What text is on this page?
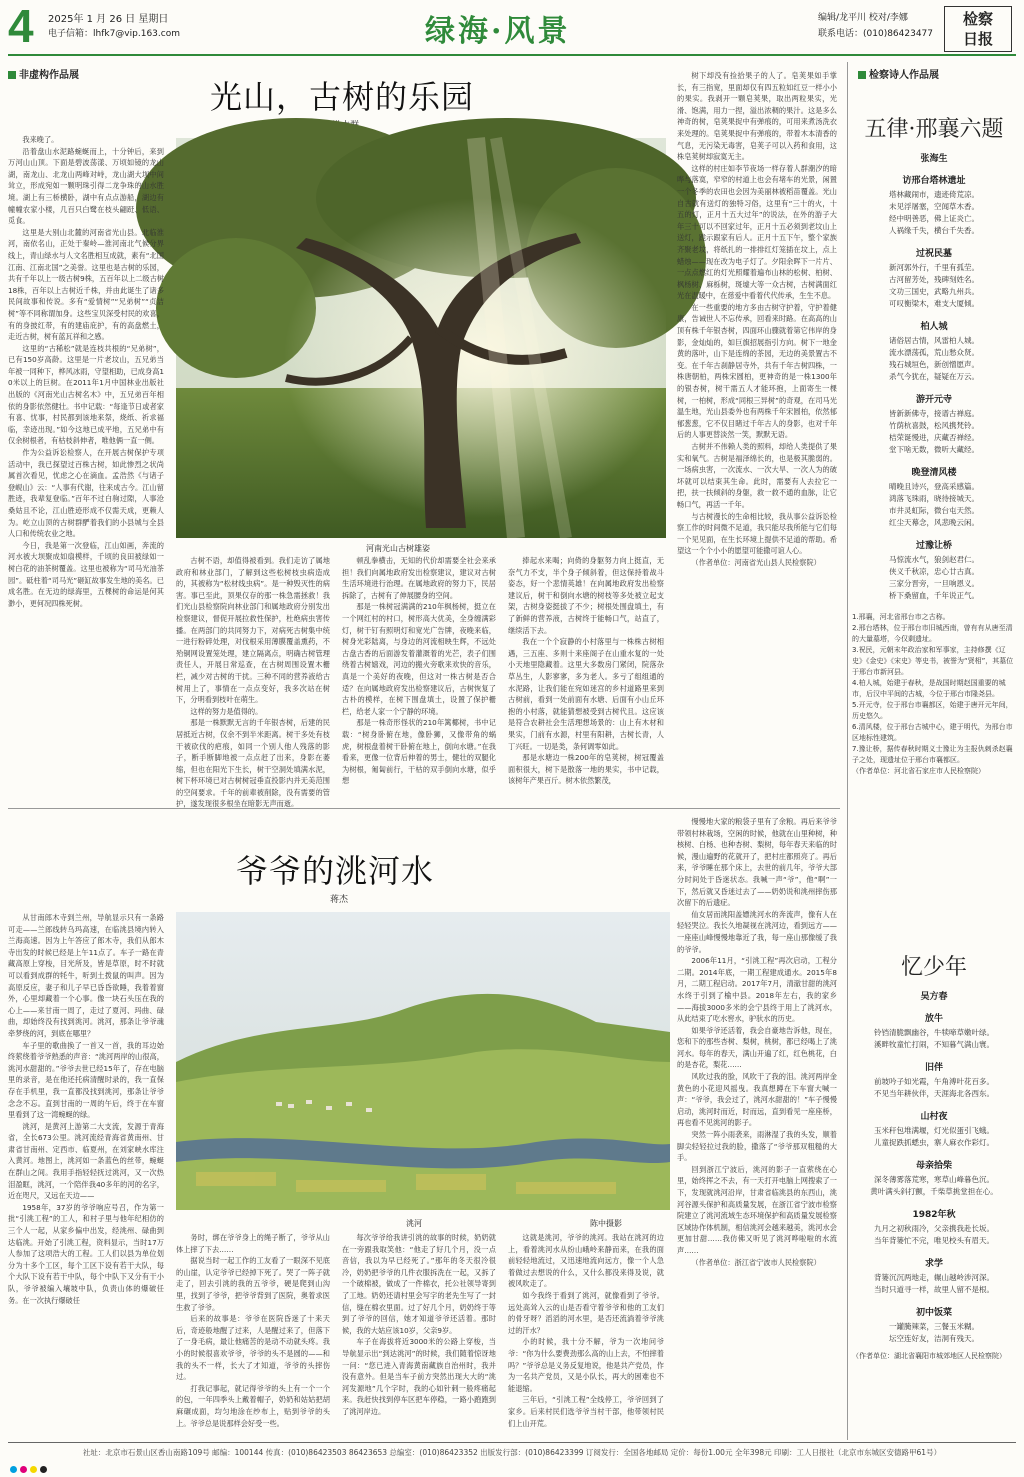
4 2025年 1 月 26 日 星期日
电子信箱：lhfk7@vip.163.com	绿海·风景	编辑/龙平川 校对/李娜
联系电话：(010)86423477
检察
日报
非虚构作品展	检察诗人作品展
光山，古树的乐园
河南光山古树雄姿

我来晚了。

沿着盘山水泥路蜿蜒而上，十分钟后，来到万河山山顶。下面是碧波荡漾、万顷如镜的龙山湖，南龙山、北龙山两峰对峙，龙山湖大坝中间耸立，形成宛如一颗明珠引得二龙争珠的山水胜境。湖上有三桥横卧，湖中有点点游船，湖边有幢幢农家小楼，几百只白鹭在枝头翩跹、低语、觅食。

这里是大别山北麓的河南省光山县。北临淮河，南依名山，正处于秦岭—淮河南北气候分界线上，青山绿水与人文名胜相互成就，素有“北国江南、江南北国”之美誉。这里也是古树的乐园，共有千年以上一级古树9株，五百年以上二级古树18株，百年以上古树近千株，并由此诞生了诸多民间故事和传说。多有“爱情树”“兄弟树”“贞洁树”等不同称谓加身。这些宝贝深受村民的欢喜，有的身披红带，有的建庙庇护，有的高盘燃土，走近古树，树有蓝瓦祥和之感。

这里的“古稀松”就是连枝共根的“兄弟树”，已有150岁高龄。这里是一片老坟山，五兄弟当年被一同种下，桦风冰雨，守望相助，已成身高10米以上的巨树。在2011年1月中国林业出版社出版的《河南光山古树名木》中，五兄弟百年相依的身影依然健壮。书中记载：“每逢节日或者家有喜、忧事，村民都到该地来祭，烧纸、祈求福临，幸迹出现。”如今这地已成平地，五兄弟中有仅余树根者，有枯枝斜伸者，唯他俩一直一侧。

作为公益诉讼检察人，在开展古树保护专项活动中，我已探望过百株古树，如此惨烈之状尚属首次看见，忧虑之心在滴血。孟浩然《与诸子登岘山》云：“人事有代谢，往来成古今。江山留胜迹，我辈复登临。”百年不过白驹过隙，人事沧桑姑且不论，江山胜迹形成不仅需天成，更赖人为。屹立山顶的古树群酽着我们的小县城与全县人口和传统农业之地。

今日，我是第一次登临，江山如画，奔流的河水被大坝聚成如扇模样，千顷的良田被绿如一树白花的油茶树覆盖。这里也被称为“司马光油茶园”。砥柱着“司马光”砸缸故事发生地的美名。已成名胜。在无边的绿海里，五棵树的命运是何其渺小，更何况四株死树。

古树不语，却值得被看到。我们走访了属地政府和林业部门，了解到这些松树枝虫病造成的，其被称为“松材线虫病”。是一种毁灭性的病害。事已至此，顶果仅存的那一株急需拯救！我们光山县检察院向林业部门和属地政府分别发出检察建议，督促开展拉救性保护，杜绝病虫害传播。在两部门的共同努力下，对病死古树集中统一进行粉碎处理，对伐根采用薄膜覆盖熏药，不殆铜网设置笼处理，建立隔离点，明确古树管理责任人，开展日常巡查，在古树周围设置木栅栏，减少对古树的干扰。三种不同的营养液给古树用上了，事情在一点点变好，我多次站在树下，分明看到枝叶在萌生。

这样的努力是值得的。

那是一株默默无言的千年银杏树，后建的民居抵近古树，仅余不到半米距离。树干多处有枝干被砍伐的疤痕，如同一个别人他人残落的影子，断手断脚地被一点点赶了出来，身影在萎缩，但也在阳光下生长，树干空洞处填满水泥，树下杯环境已对古树树冠垂直投影内并无美范围的空间要求。千年的前辈被削除，没有需要的管护，遂发现很多根坐在暗影无声而逝。

顿乱拳横击，无知的代价却需要全社会来承担！我们向属地政府发出检察建议，建议对古树生活环境进行治理。在属地政府的努力下，民居拆除了，古树有了伸展腰身的空间。

那是一株树冠满满的210年枫杨树，挺立在一个网红村的村口，树形高大优美，全身缠满彩灯，树干钉有照明灯和宽光广告牌，夜晚来临，树身光彩陆离，与身边的河流相映生辉，不远处古盘古香的后面游发着灌溉着的光芒，表子们围绕着古树嬉戏，河边的搬火旁歌来欢快的音乐，真是一个美好的夜晚，但这对一株古树是否合适？在向属地政府发出检察建议后，古树恢复了古朴的模样，在树下围盘填土，设置了保护栅栏，给老人家一个宁静的环境。

那是一株奇形怪状的210年篱椰树，书中记载：“树身卧俯在地，像卧狮，又像带角的蜗虎，树根盘着树干卧俯在地上，倒向水塘。”在我看来，更像一位背后伸着的男士，健壮的双腿化为树根，匍匐前行，干枯的双手倒向水塘，似乎想

捧起水来喝；向倚的身躯努力向上挺直，无奈气力不支，半个身子倾斜着，但这保持着战斗姿态，好一个悲情英雄！在向属地政府发出检察建议后，树干和倒向水塘的树枝等多处被立起支架，古树身姿挺拔了不少；树根处围盘填土，有了新鲜的营养液，古树终于能畅口气，站直了，继续活下去。

我在一个个寂静的小村落里与一株株古树相遇，三五座、多则十来座阁子在山重水复的一处小天地里隐藏着。这里大多数房门紧闭，院落杂草丛生，人影寥寥，多为老人。多亏了组组通的水泥路，让我们能在宛如迷宫的乡村道路里来到古树前，看到一处前面有水塘、后面有小山丘环抱的小村落，就能猜想被受到古树代且。这应该是符合农耕社会生活理想场景的：山上有木材和果实，门前有水源，村里有阳耕，古树长青，人丁兴旺。一切是类，条何调零如此。

那是水塘边一株200年的皂荚树，树冠覆盖面积很大，树下是散落一地的果实，书中记载，该树年产果百斤。树木依然繁茂，

树下却没有捡拾果子的人了。皂荚果如手掌长，有三指宽，里面却仅有四五粒如红豆一样小小的果实。我剥开一颗皂荚果，取出两粒果实，光滑、饱满，用力一捏，溢出浓稠的果汁。这是多么神奇的树，皂荚果捉中有弹痕的，可用来煮汤洗衣来处理的。皂荚果捉中有弹痕的，带着木本清香的气息，无污染无毒害，皂荚子可以入药和食用，这株皂荚树却寂寞无主。

这样的村庄如李节夜场一样存着人群潮汐的暗哗与落寞，窄窄的村道上也会有堵车的光景，闲置一个冬季的农田也会因为美丽林被稻苗覆盖。光山自古就有送灯的独特习俗，这里有“三十的火，十五的灯，正月十五大过年”的说法，在外的游子大年三十可以不回家过年，正月十五必须到老坟山上送灯，跪示跟家有后人。正月十五下午，整个家族齐聚老坟，将纸扎的一排排红灯笼插在坟上，点上蜡烛——现在改为电子灯了。夕阳余晖下一片片、一点点燃红的灯光照耀着遍布山林的松树、柏树、枫杨树、麻栎树，斑墟大等一众古树，古树满面红光在温暖中，在慈爱中看着代代传承，生生不息。

在一些重要的地方多由古树守护着，守护着健康，告诫世人不忘传承，回看来时路。在高高的山顶有株千年银杏树，四面环山骤就着第它伟岸的身影，金灿灿的，如巨旗招展指引方向。树下一地金黄的落叶，山下是连绵的茶园，无边的美景置古不变。在千年古刹静居寺外，共有千年古树四株，一株唐朝柏，两株宋圆柏，更神奇的是一株1300年的银杏树，树干需五人才能环抱，上面寄生一棵树，一柏树，形成“同根三异树”的奇观，在司马光温生地，光山县委外也有两株千年宋圆柏，依然郁郁葱葱，它不仅目睹过千年古人的身影，也对千年后的人事更替淡然一笑，默默无语。

古树并不伟赖人类的照料，却给人类提供了果实和氧气。古树是福泽绵长的，也是极其脆弱的。一场病虫害，一次流水、一次大旱、一次人为的破坏就可以结束其生命。此时，需要有人去拉它一把，扶一扶倾斜的身躯，救一救不通的血脉，让它畅口气，再活一千年。

与古树漫长的生命相比较，我从事公益诉讼检察工作的时间微不足道，我只能尽我所能与它们每一个见见面，在生长环境上提供不足道的帮助。希望这一个个小小的愿望可能撒可谊人心。

（作者单位：河南省光山县人民检察院）

爷爷的洮河水
蒋杰
洮河	陈中摄影

从甘南郎木寺到兰州，导航显示只有一条路可走——兰郎线转乌玛高速，在临洮县境内转入兰海高速。因为上午答应了郎木寺，我们从郎木寺出发的时候已经是上午11点了。车子一路在青藏高原上穿梭，目光所及，皆是草原，时不时就可以看到成群的牦牛，听到土拨鼠的叫声。因为高原反应，妻子和儿子早已昏昏欲睡，我着着窗外，心里却藏着一个心事。像一块石头压在我的心上——来甘南一周了，走过了夏河、玛曲、碌曲，却始终没有找到洮河。洮河，那条让爷爷魂牵梦绕的河，到底在哪里？

车子里的歌曲换了一首又一首，我的耳边始终萦绕着爷爷熟悉的声音：“洮河两岸的山很高，洮河水甜甜的。”爷爷去世已经15年了，存在电脑里的录音，是在他还托病清醒时录的，我一直保存在手机里，我一直都没找到洮河，那条让爷爷念念不忘。直到甘南的一周的午后，终于在车窗里看到了这一湾蜿蜒的绿。

洮河，是黄河上游第二大支流，发源于青海省，全长673公里。洮河流经青海省黄南州、甘肃省甘南州、定西市、临夏州，在刘家峡水库注入黄河。地图上，洮河如一条蓝色的丝带，蜿蜒在群山之间。我用手指轻轻抚过洮河，又一次热泪盈眶，洮河，一个陪伴我40多年的河的名字，近在咫尺，又远在天边——

1958年，37岁的爷爷响应号召，作为第一批“引洮工程”的工人，和村子里与他年纪相仿的三个人一起，从家乡偏中出发，经洮州、碌曲到达临洮。开始了引洮工程，资料显示，当时17万人参加了这项浩大的工程。工人们以县为单位划分为十多个工区，每个工区下设有若干大队，每个大队下设有若干中队，每个中队下又分有干小队，爷爷被编入壤坡中队，负责山体的爆破任务。在一次执行爆破任

务时，绑在爷爷身上的绳子断了，爷爷从山体上摔了下去……

据说当时一起工作的工友看了一眼深不见底的山崖，认定爷爷已经掉下死了。哭了一阵子就走了，回去引洮的我的五爷爷，硬是爬到山沟里，找到了爷爷，把爷爷背到了医院，奥着求医生救了爷爷。

后来的故事是：爷爷在医院昏迷了十来天后，奇迹般地醒了过来，人是醒过来了，但落下了一身毛病，最让他痛苦的是动不动就头疼。我小的时候很喜欢爷爷，爷爷的头不是圆的——和我的头不一样，长大了才知道，爷爷的头摔伤过。

打我记事起，就记得爷爷的头上有一个一个的包，一年四季头上戴着帽子，奶奶和姑姑把胡麻碾成面，均匀地涂在纱布上，贴到爷爷的头上。爷爷总是说那样会好受一些。

每次爷爷给我讲引洮的故事的时候，奶奶就在一旁跟我取笑他：“他走了好几个月，没一点音信，我以为早已经死了。”那年的冬天很冷很冷，奶奶把爷爷的几件衣服拆洗在一起，又拆了一个破棉被，做成了一件棉衣，托公社领导寄到了工地。奶奶还请村里会写字的老先生写了一封信，缝在棉衣里面。过了好几个月，奶奶终于等到了爷爷的回信，她才知道爷爷还活着。那时候，我的大姑应该10岁，父亲9岁。

车子在海拔将近3000米的公路上穿梭，当导航显示出“到达洮河”的时候，我们随着惊讶地一问：“您已进入青海黄南藏族自治州时，我并没有意外。但是当车子前方突然出现大大的“洮河发源地”几个字时，我的心如针刺一般疼痛起来。我赶快找到停车区把车停稳，一路小跑跑到了洮河岸边。

这就是洮河，爷爷的洮河。我站在洮河的边上，看着洮河水从纷山峨岭来静而来，在我的面前轻轻地流过，又迅速地流向远方，像一个人急着做过去想说的什么，又什么都没来得及说，就被风吹走了。

如今我终于看到了洮河，就像看到了爷爷。远处高耸入云的山是否看守着爷爷和他的工友们的骨牙呀？滔滔的河水里，是否还流淌着爷爷洮过的汗水？

小的时候，我十分不解，爷为一次地问爷爷：“你为什么要费劲那么高的山上去，不怕摔着吗？”爷爷总是义务反复地说，他是共产党员，作为一名共产党员，又是小队长，再大的困难也不能退缩。

三年后，“引洮工程”全线停工，爷爷回到了家乡。后来村民们选爷爷当村干部，他带领村民们上山开荒。

慢慢地大家的粮袋子里有了余粮。再后来爷爷带领村林栽场，空闲的时候，他就在山里种树，种核树、白杨、也种杏树、梨树，每年春天来临的时候，漫山遍野的花就开了，把村庄都照亮了。再后来，爷爷睡在那个床上，去世的前几年，爷爷大部分时间处于昏迷状态。我喊一声“爷”，他“啊”一下，然后就又昏迷过去了——奶奶说和洮州摔伤那次留下的后遗症。

仙女居而洮阳盖嫖洮河水的奔流声，像有人在轻轻哭泣。我长久地凝视在洮河边，看到远方——一座座山峰慢慢地靠近了我，每一座山那像缓了我的爷爷。

2006年11月，“引洮工程”再次启动，工程分二期。2014年底，一期工程建成通水。2015年8月，二期工程启动。2017年7月，清澈甘甜的洮河水终于引到了榆中县。2018年左右，我的家乡——海拔3000多米的会宁县终于用上了洮河水，从此结束了吃水窖水，驴驮水的历史。

如果爷爷还活着，我会自豪地告诉他，现在，您和下的那些杏树、梨树，桃树，都已经喝上了洮河水。每年的春天，满山开遍了红，红色桃花，白的是杏花，梨花……

风吹过我的脸，风吹干了我的泪。洮河两岸金黄色的小花迎风摇曳。我真想蹲在下车窗大喊一声：“爷爷，我会过了，洮河水甜甜的！”车子慢慢启动，洮河时而近，时而远，直到看见一座座桥，再也看不见洮河的影子。

突然一阵小雨袭来，雨淋湿了我的头发，顺着脚尖轻轻拉过我的脸，撒落了“爷爷那双粗糙的大手。

回到浙江宁波后，洮河的影子一直萦绕在心里，始终挥之不去，有一天打开电脑上网搜索了一下，发现就洮河沿岸，甘肃省临洮县的东西山，洮河谷源头保护和高质量发展，在浙江省宁波市检察院建立了洮河流域生态环境保护和高质量发展检察区域协作体机制，相信洮河会越来越美，洮河水会更加甘甜……我仿佛又听见了洮河哗啦啦的水流声……

（作者单位：浙江省宁波市人民检察院）

五律·邢襄六题
张海生
访邢台塔林遗址
塔林藏闹市，遗迹倚荒凉。
未见浮屠塞，空闻草木香。
经中明善恶，佛上证炎亡。
人祸缘千失，横台千失香。
过祝民墓
新河郭外行，千里有孤茔。
古河留芳处，残碑刻姓名。
文功三国史，武略九州兵。
可叹衡梁木，难支大厦倾。
柏人城
诸俗居古情，风雷柏人城。
流水漂荡孤，荒山愁众贤。
残石城垣色，新创憎愿声。
杀气今犹在，疑疑在万云。
游开元寺
皆新新佛寺，接谱古禅庭。
竹荫杭喜鼓，松风携梵铃。
桔荣诞慢进，庆藏否禅经。
堂下啥无数，微听大藏经。
晚登清风楼
晴晚且诗兴，登高采感篇。
鸿落飞珠雨，晓待接城天。
市井灵虹际，微台屯天然。
红尘天幕念，风悲晚云闲。
过豫让桥
马惊流水气，狼剑赵君仁。
侠义千秋凉，忠心廿古真。
三家分晋旁，一旦响恩义。
桥下桑留血，千年说正气。
1.邢襄，河北省邢台市之古称。
2.邢台塔林，位于邢台市旧城西南，曾有有从唐至清的大量墓塔，今仅剩遗址。
3.祝民，元朝末年政治家和军事家，主持修撰《辽史》《金史》《宋史》等史书，被誉为“贤相”，其墓位于邢台市新河县。
4.柏人城，始建于春秋，是战国时期赵国重要的城市，后汉中平间的古城，今位于邢台市隆尧县。
5.开元寺，位于邢台市襄都区，始建于唐开元年间，历史悠久。
6.清风楼，位于邢台古城中心，建于明代，为邢台市区地标性建筑。
7.豫让桥，据传春秋时期义士豫让为主报仇刺杀赵襄子之处，现遗址位于邢台市襄都区。
（作者单位：河北省石家庄市人民检察院）
忆少年
吴方春
放牛
铃铛清脆飘幽谷，牛犊啼草嫩叶绿。
溪畔牧童忙打闹，不知暮气满山寰。
旧伴
前坡吟子如光霞，午角溥叶花百多。
不见当年耕伙伴，天涯海北各西东。
山村夜
玉米秆包堆满堰，灯光似蛋引飞蛾。
儿童捉跌抓蟋虫，寨人麻衣作彩灯。
母亲拾柴
深冬薄雾落荒寒，寒草山峰暮色沉。
黄叶满头斜打颤，千柴草挑堂担在心。
1982年秋
九月之初秋雨冷，父亲携我赴长坂。
当年背篓忙不完，唯见校头有眉天。
求学
背篓沉沉两地走，辗山越岭涉河深。
当时只道寻一样，故里人留不是根。
初中饭菜
一罐腌辣菜，三餐玉米糊。
坛空连好友，洁洞有残天。
（作者单位：湖北省襄阳市城郊地区人民检察院）
社址：北京市石景山区香山南路109号 邮编：100144 传真：(010)86423503 86423653 总编室：(010)86423352 出版发行部：(010)86423399 订阅发行：全国各地邮局 定价：每份1.00元 全年398元 印刷：工人日报社（北京市东城区安德路甲61号）
